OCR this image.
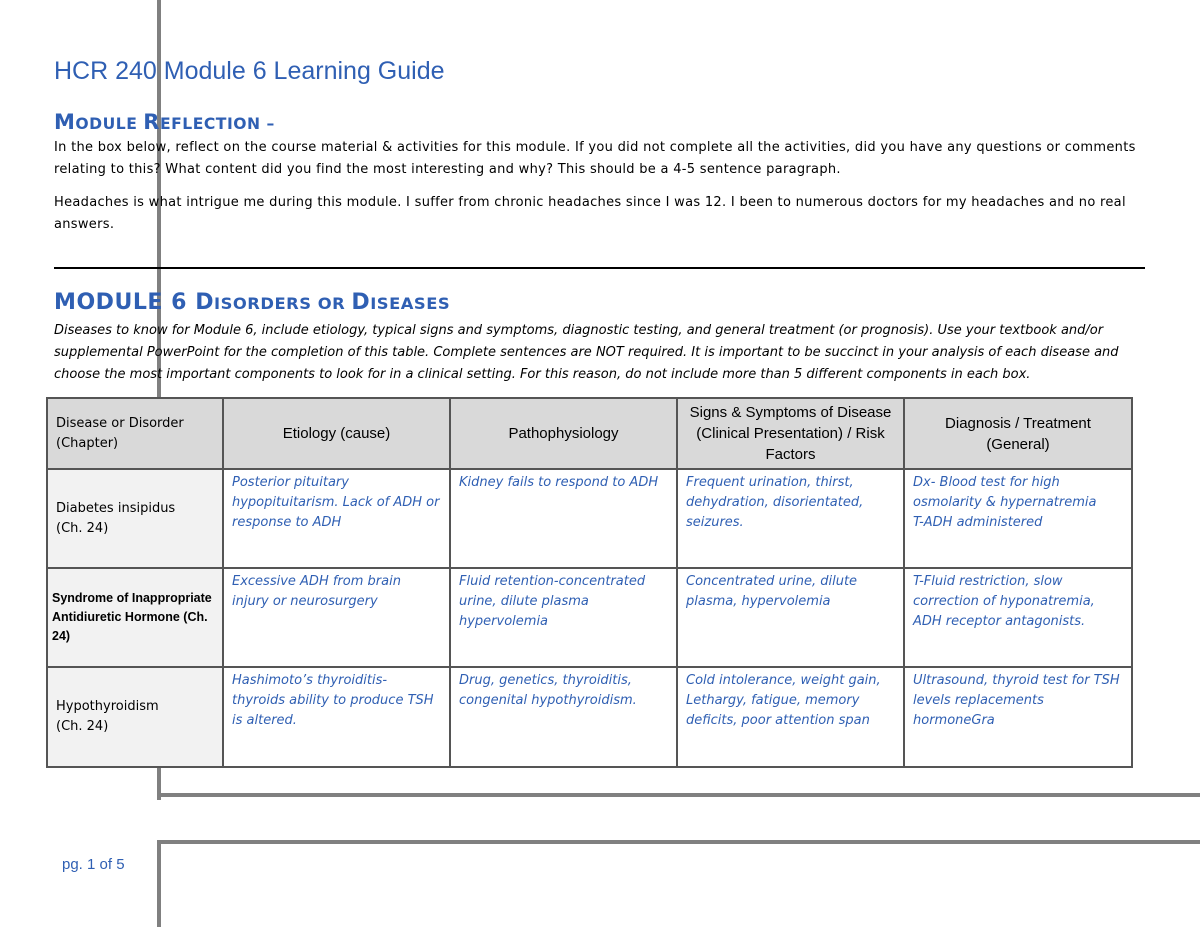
HCR 240 Module 6 Learning Guide
MODULE REFLECTION –

In the box below, reflect on the course material & activities for this module. If you did not complete all the activities, did you have any questions or comments relating to this? What content did you find the most interesting and why? This should be a 4-5 sentence paragraph.

Headaches is what intrigue me during this module. I suffer from chronic headaches since I was 12. I been to numerous doctors for my headaches and no real answers.

MODULE 6 DISORDERS OR DISEASES

Diseases to know for Module 6, include etiology, typical signs and symptoms, diagnostic testing, and general treatment (or prognosis). Use your textbook and/or supplemental PowerPoint for the completion of this table. Complete sentences are NOT required. It is important to be succinct in your analysis of each disease and choose the most important components to look for in a clinical setting. For this reason, do not include more than 5 different components in each box.

Disease or Disorder
(Chapter)	Etiology (cause)	Pathophysiology	Signs & Symptoms of Disease (Clinical Presentation) / Risk Factors	Diagnosis / Treatment (General)

Diabetes insipidus
(Ch. 24)	Posterior pituitary hypopituitarism. Lack of ADH or response to ADH	Kidney fails to respond to ADH	Frequent urination, thirst, dehydration, disorientated, seizures.	Dx- Blood test for high osmolarity & hypernatremia
T-ADH administered

Syndrome of Inappropriate Antidiuretic Hormone (Ch. 24)	Excessive ADH from brain injury or neurosurgery	Fluid retention-concentrated urine, dilute plasma hypervolemia	Concentrated urine, dilute plasma, hypervolemia	T-Fluid restriction, slow correction of hyponatremia, ADH receptor antagonists.

Hypothyroidism
(Ch. 24)	Hashimoto’s thyroiditis- thyroids ability to produce TSH is altered.	Drug, genetics, thyroiditis, congenital hypothyroidism.	Cold intolerance, weight gain, Lethargy, fatigue, memory deficits, poor attention span	Ultrasound, thyroid test for TSH levels replacements hormoneGra
pg. 1 of 5
